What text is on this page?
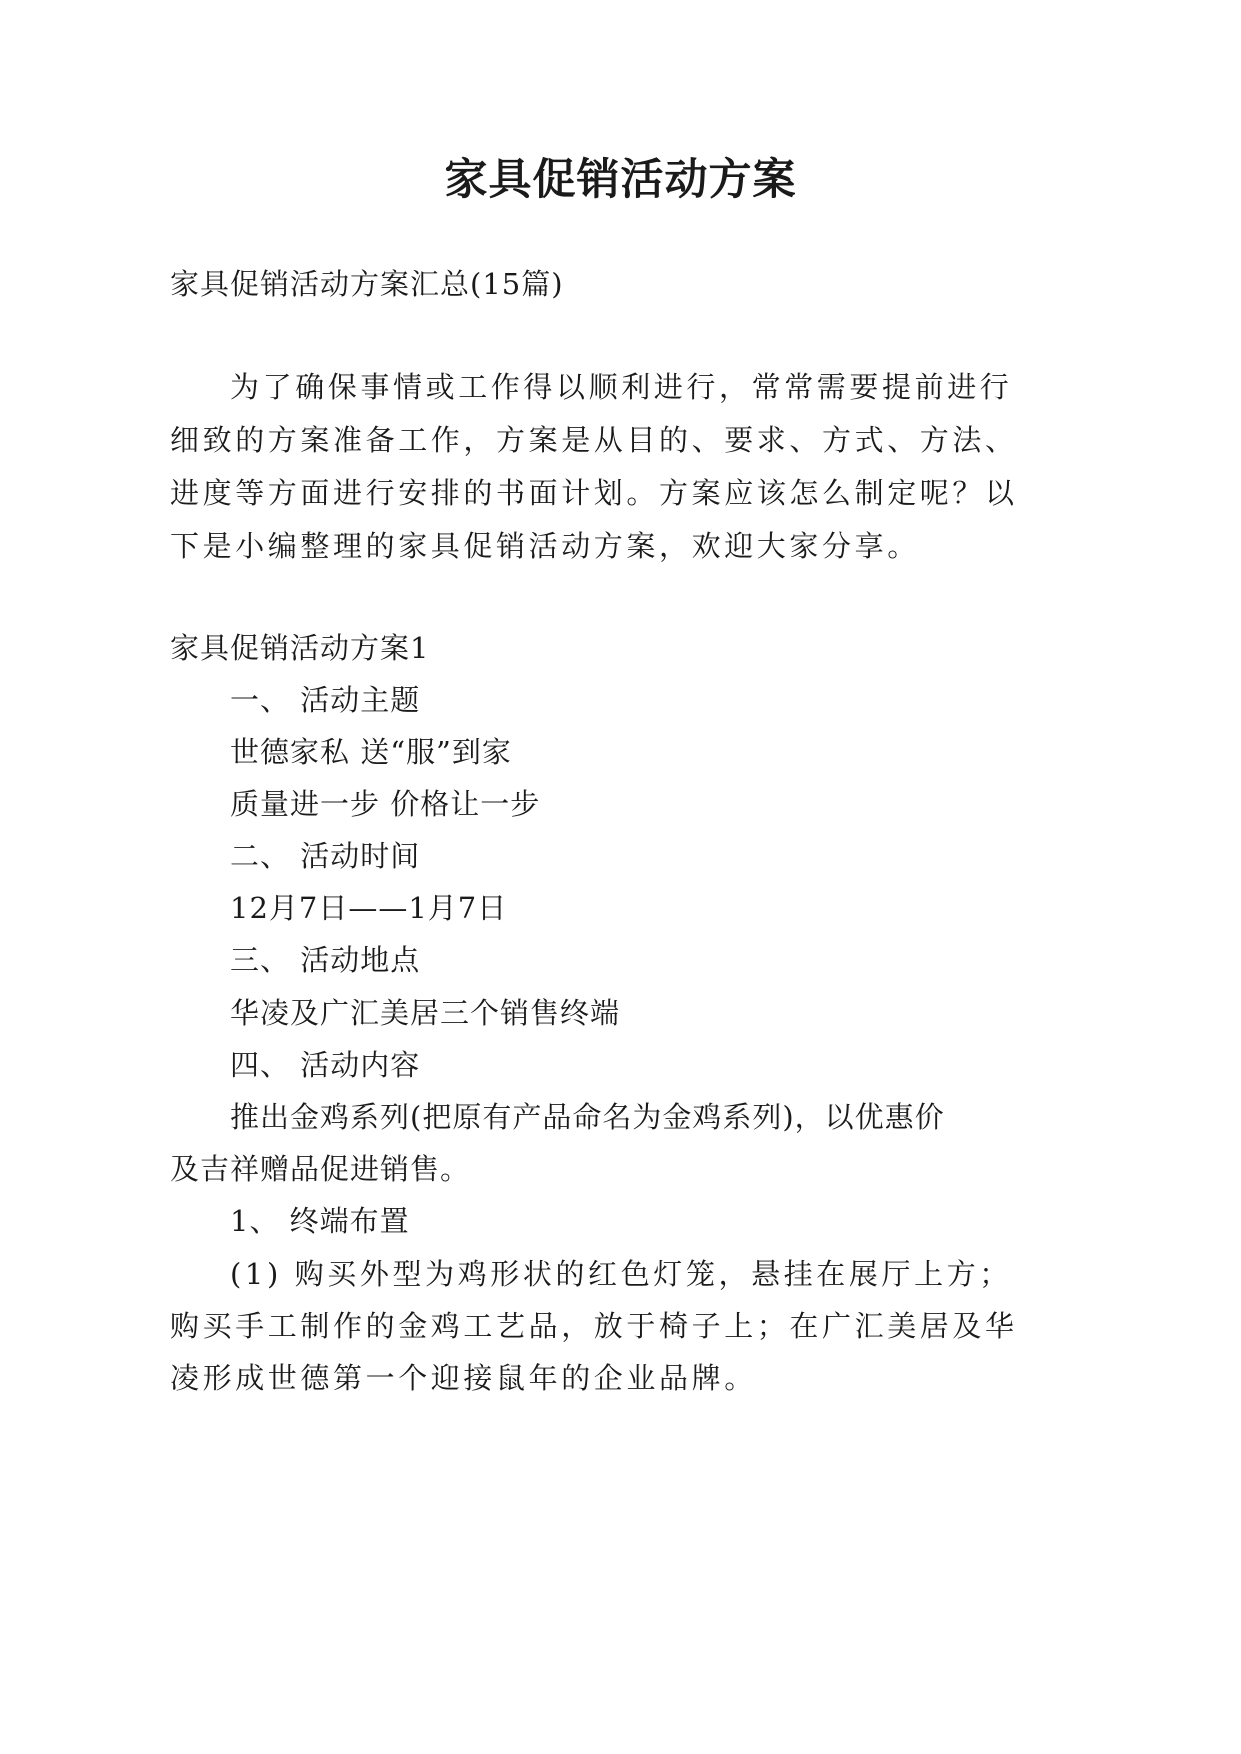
家具促销活动方案
家具促销活动方案汇总(15篇)
为了确保事情或工作得以顺利进行，常常需要提前进行
细致的方案准备工作，方案是从目的、要求、方式、方法、
进度等方面进行安排的书面计划。方案应该怎么制定呢？以
下是小编整理的家具促销活动方案，欢迎大家分享。
家具促销活动方案1
一、 活动主题
世德家私 送“服”到家
质量进一步 价格让一步
二、 活动时间
12月7日——1月7日
三、 活动地点
华凌及广汇美居三个销售终端
四、 活动内容
推出金鸡系列(把原有产品命名为金鸡系列)，以优惠价
及吉祥赠品促进销售。
1、 终端布置
(1) 购买外型为鸡形状的红色灯笼，悬挂在展厅上方；
购买手工制作的金鸡工艺品，放于椅子上；在广汇美居及华
凌形成世德第一个迎接鼠年的企业品牌。
